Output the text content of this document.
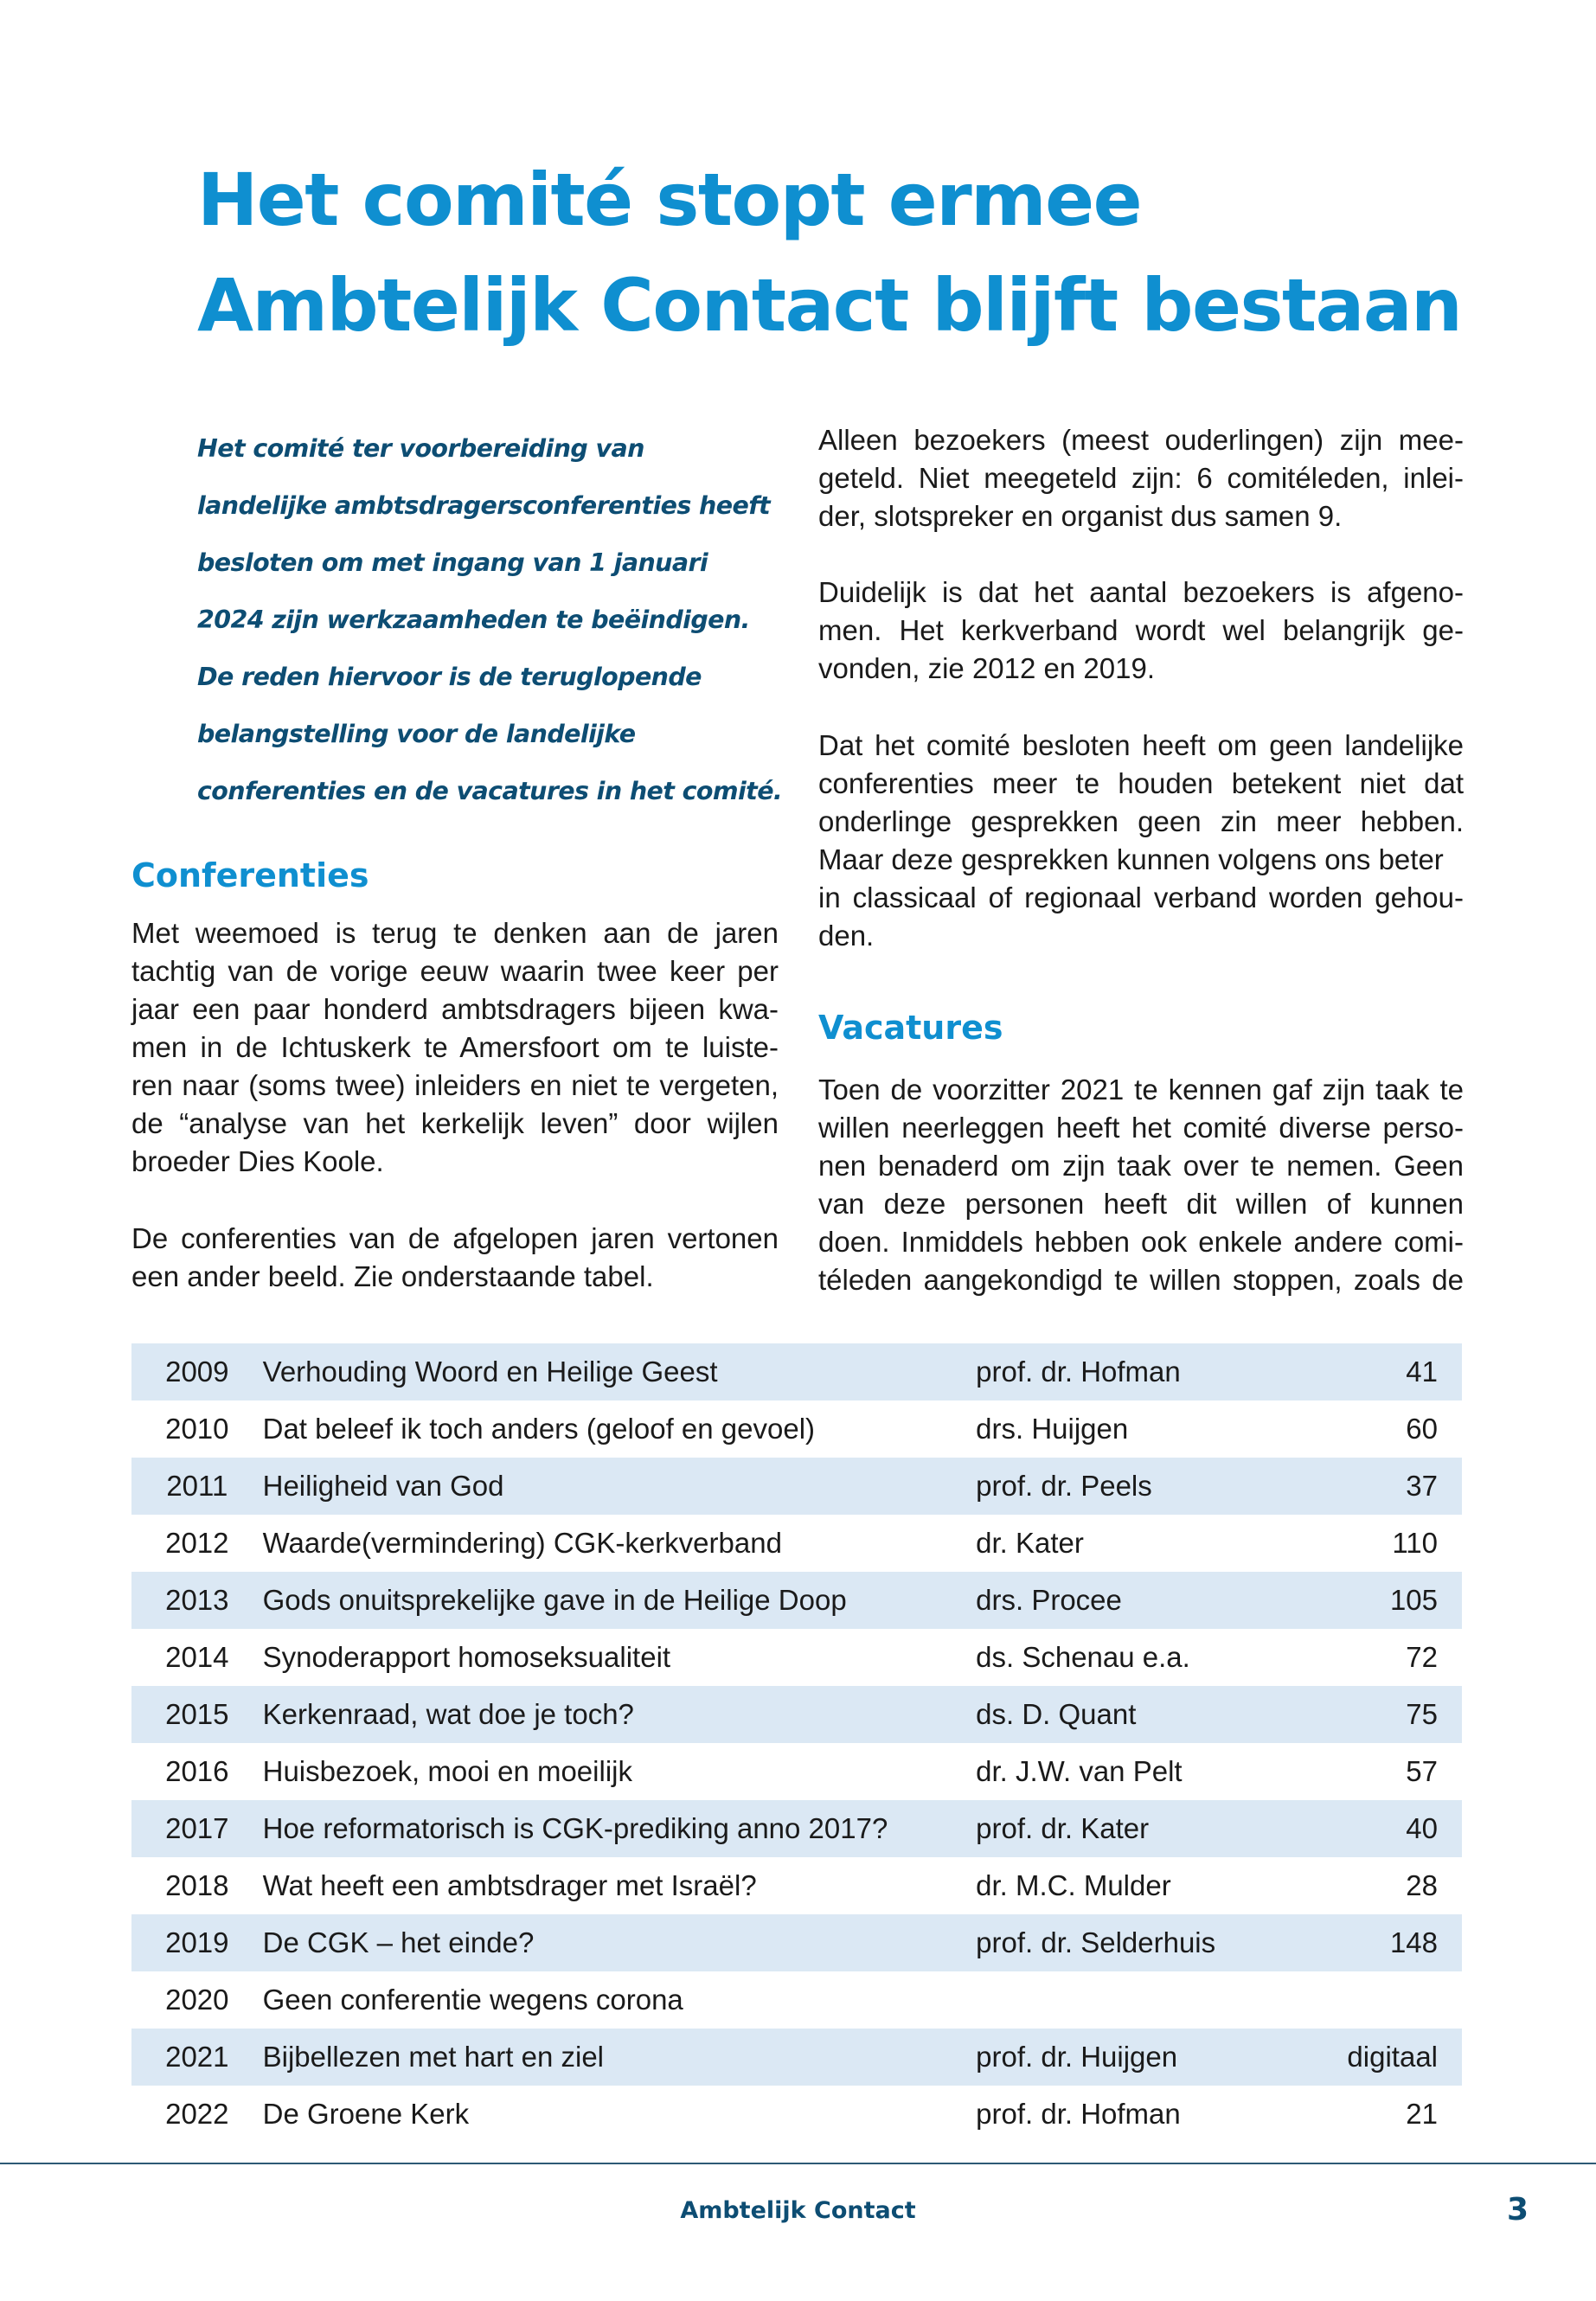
Het comité stopt ermee
Ambtelijk Contact blijft bestaan

Het comité ter voorbereiding van
landelijke ambtsdragersconferenties heeft
besloten om met ingang van 1 januari
2024 zijn werkzaamheden te beëindigen.
De reden hiervoor is de teruglopende
belangstelling voor de landelijke
conferenties en de vacatures in het comité.

Conferenties

Met weemoed is terug te denken aan de jaren
tachtig van de vorige eeuw waarin twee keer per
jaar een paar honderd ambtsdragers bijeen kwa-
men in de Ichtuskerk te Amersfoort om te luiste-
ren naar (soms twee) inleiders en niet te vergeten,
de “analyse van het kerkelijk leven” door wijlen
broeder Dies Koole.

De conferenties van de afgelopen jaren vertonen
een ander beeld. Zie onderstaande tabel.

Alleen bezoekers (meest ouderlingen) zijn mee-
geteld. Niet meegeteld zijn: 6 comitéleden, inlei-
der, slotspreker en organist dus samen 9.

Duidelijk is dat het aantal bezoekers is afgeno-
men. Het kerkverband wordt wel belangrijk ge-
vonden, zie 2012 en 2019.

Dat het comité besloten heeft om geen landelijke
conferenties meer te houden betekent niet dat
onderlinge gesprekken geen zin meer hebben.
Maar deze gesprekken kunnen volgens ons beter
in classicaal of regionaal verband worden gehou-
den.

Vacatures

Toen de voorzitter 2021 te kennen gaf zijn taak te
willen neerleggen heeft het comité diverse perso-
nen benaderd om zijn taak over te nemen. Geen
van deze personen heeft dit willen of kunnen
doen. Inmiddels hebben ook enkele andere comi-
téleden aangekondigd te willen stoppen, zoals de

2009	Verhouding Woord en Heilige Geest	prof. dr. Hofman	41
2010	Dat beleef ik toch anders (geloof en gevoel)	drs. Huijgen	60
2011	Heiligheid van God	prof. dr. Peels	37
2012	Waarde(vermindering) CGK-kerkverband	dr. Kater	110
2013	Gods onuitsprekelijke gave in de Heilige Doop	drs. Procee	105
2014	Synoderapport homoseksualiteit	ds. Schenau e.a.	72
2015	Kerkenraad, wat doe je toch?	ds. D. Quant	75
2016	Huisbezoek, mooi en moeilijk	dr. J.W. van Pelt	57
2017	Hoe reformatorisch is CGK-prediking anno 2017?	prof. dr. Kater	40
2018	Wat heeft een ambtsdrager met Israël?	dr. M.C. Mulder	28
2019	De CGK – het einde?	prof. dr. Selderhuis	148
2020	Geen conferentie wegens corona		
2021	Bijbellezen met hart en ziel	prof. dr. Huijgen	digitaal
2022	De Groene Kerk	prof. dr. Hofman	21
Ambtelijk Contact	3
